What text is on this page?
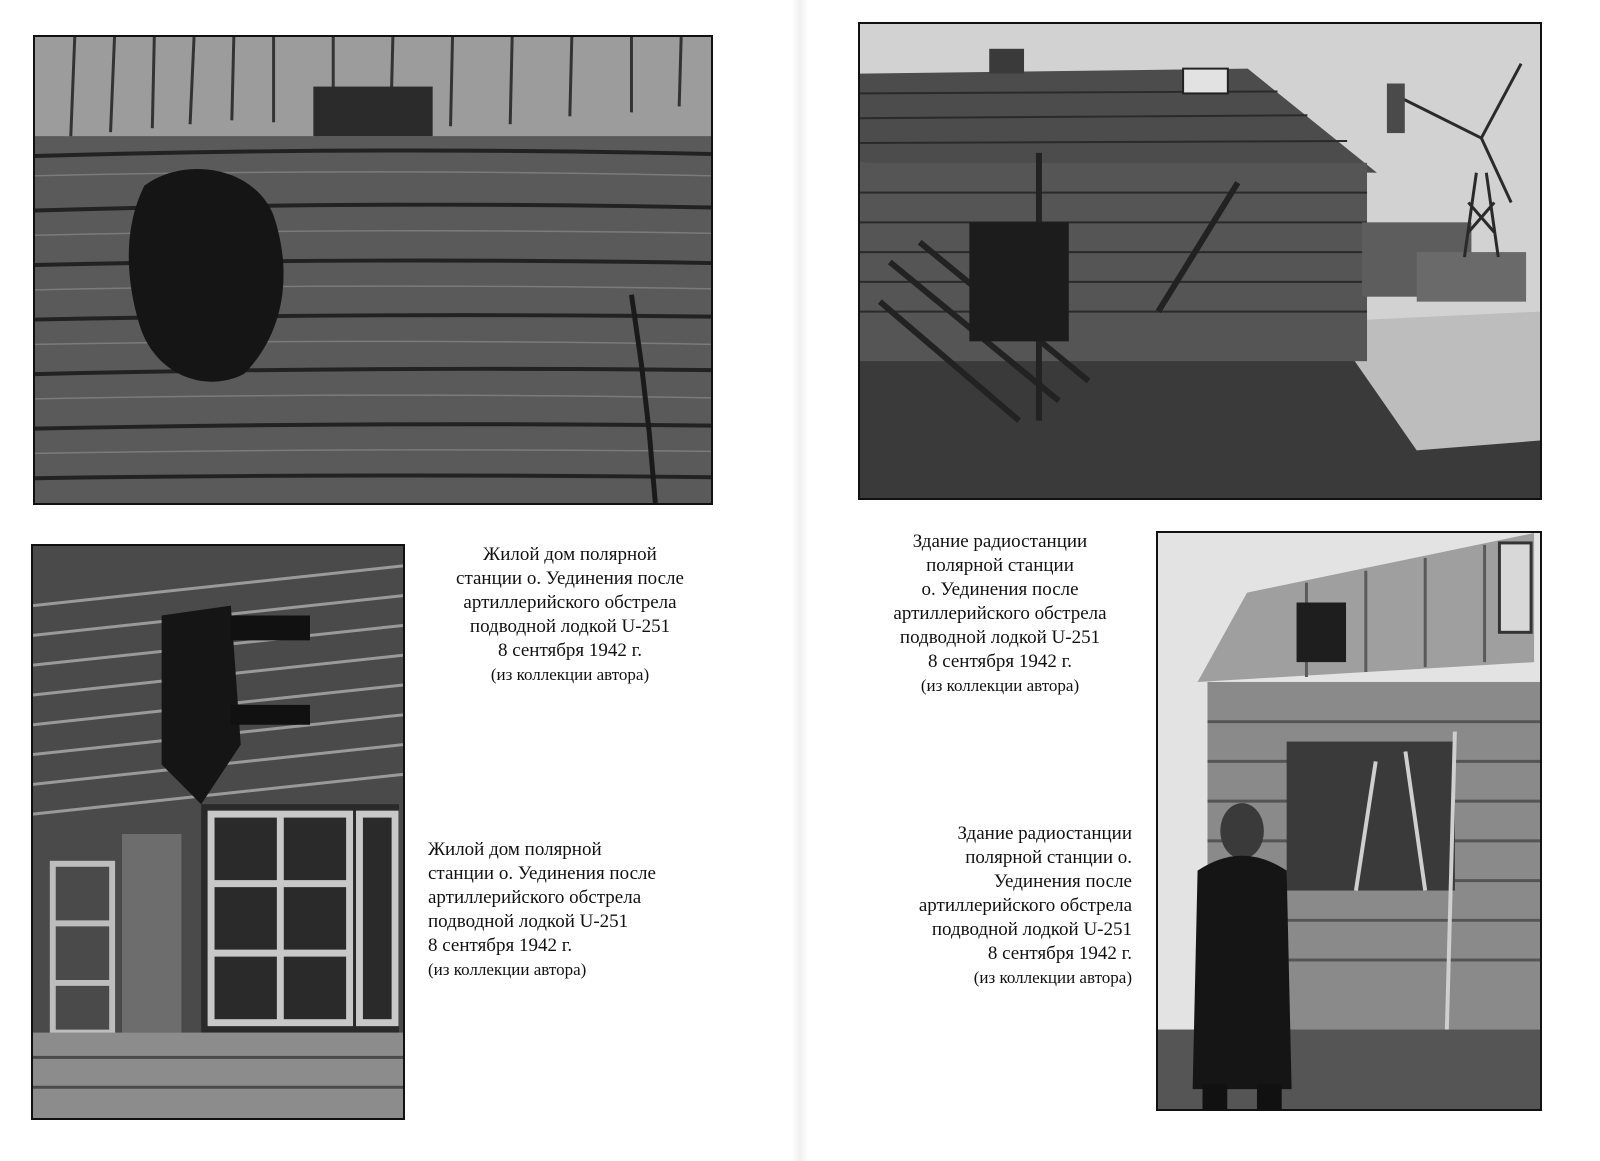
Жилой дом полярной
станции о. Уединения после
артиллерийского обстрела
подводной лодкой U-251
8 сентября 1942 г.
(из коллекции автора)
Жилой дом полярной
станции о. Уединения после
артиллерийского обстрела
подводной лодкой U-251
8 сентября 1942 г.
(из коллекции автора)
Здание радиостанции
полярной станции
о. Уединения после
артиллерийского обстрела
подводной лодкой U-251
8 сентября 1942 г.
(из коллекции автора)
Здание радиостанции
полярной станции о.
Уединения после
артиллерийского обстрела
подводной лодкой U-251
8 сентября 1942 г.
(из коллекции автора)
